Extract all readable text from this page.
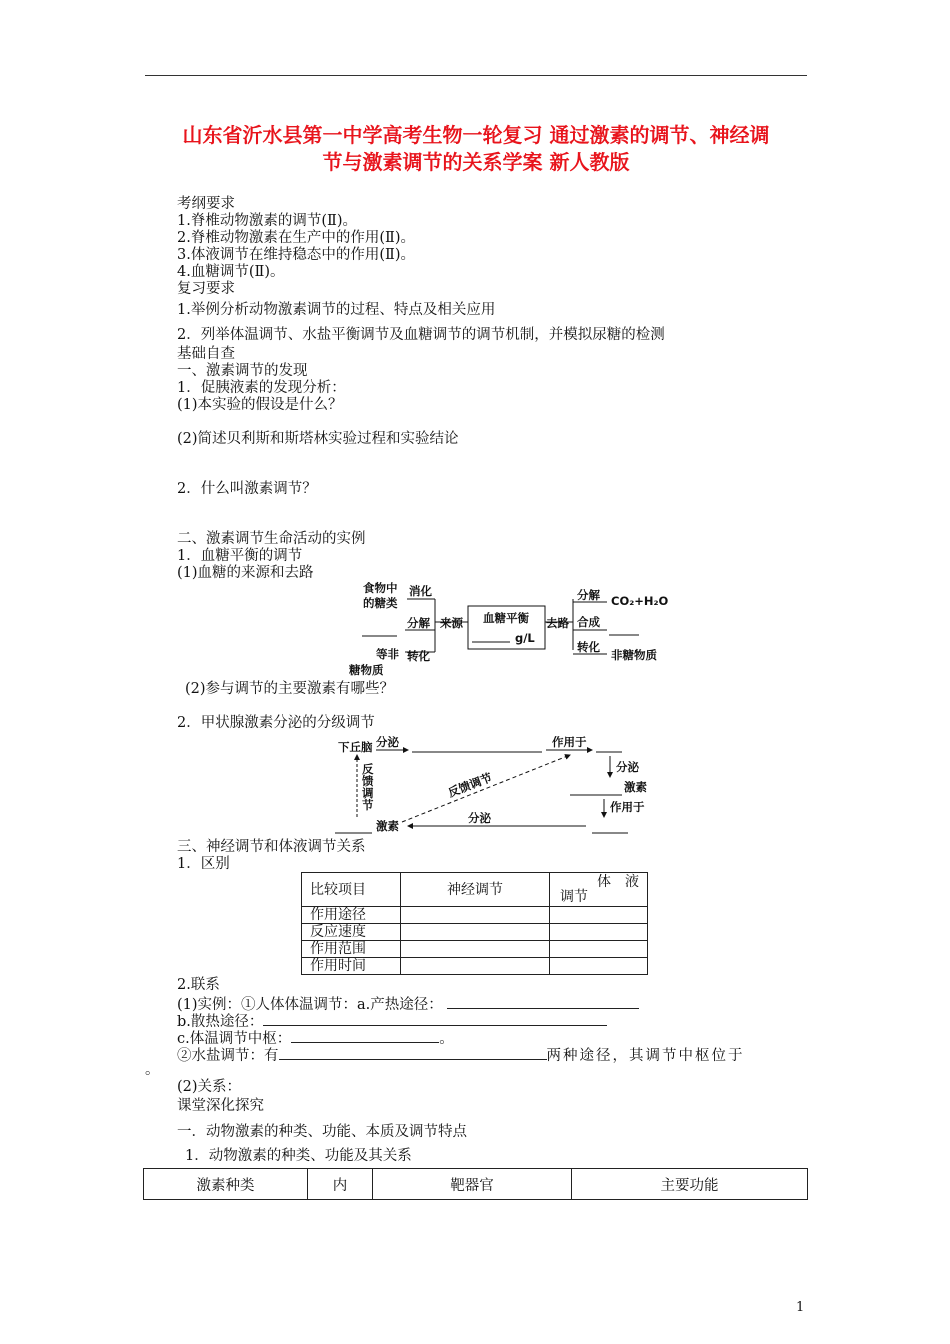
山东省沂水县第一中学高考生物一轮复习 通过激素的调节、神经调
节与激素调节的关系学案 新人教版
考纲要求
1.脊椎动物激素的调节(Ⅱ)。
2.脊椎动物激素在生产中的作用(Ⅱ)。
3.体液调节在维持稳态中的作用(Ⅱ)。
4.血糖调节(Ⅱ)。
复习要求
1.举例分析动物激素调节的过程、特点及相关应用
2．列举体温调节、水盐平衡调节及血糖调节的调节机制，并模拟尿糖的检测
基础自查
一、激素调节的发现
1．促胰液素的发现分析：
(1)本实验的假设是什么？
(2)简述贝利斯和斯塔林实验过程和实验结论
2．什么叫激素调节？
二、激素调节生命活动的实例
1．血糖平衡的调节
(1)血糖的来源和去路
食物中
的糖类
消化
分解
等非 转化
糖物质
来源 血糖平衡
g/L
去路
分解 CO₂+H₂O
合成
转化
非糖物质
(2)参与调节的主要激素有哪些？
2．甲状腺激素分泌的分级调节
下丘脑 分泌	作用于
分泌
激素
作用于
反馈调节
反
馈
调
节
激素
分泌
三、神经调节和体液调节关系
1．区别
比较项目	神经调节	体　液
调节

作用途径		
反应速度		
作用范围		
作用时间		
2.联系
(1)实例：①人体体温调节：a.产热途径：
b.散热途径：
c.体温调节中枢：	。
②水盐调节：有	两种途径，其调节中枢位于
。
(2)关系：
课堂深化探究
一．动物激素的种类、功能、本质及调节特点
1．动物激素的种类、功能及其关系
激素种类	内	靶器官	主要功能
1
